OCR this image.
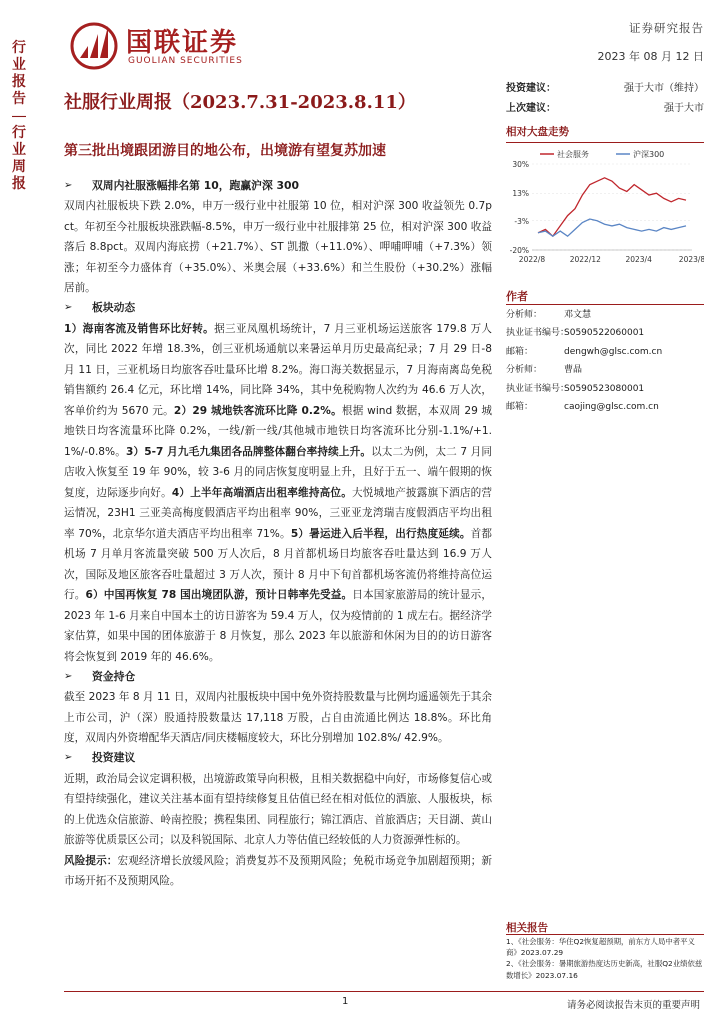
行
业
报
告
|
行
业
周
报
国联证券
GUOLIAN SECURITIES
证券研究报告
2023 年 08 月 12 日
社服行业周报（2023.7.31-2023.8.11）
第三批出境跟团游目的地公布，出境游有望复苏加速
投资建议：	强于大市（维持）
上次建议：	强于大市
相对大盘走势
社会服务	沪深300
2022/8	2022/12	2023/4	2023/8
30%
13%
-3%
-20%
作者
分析师：	邓文慧
执业证书编号：
S0590522060001
邮箱：	dengwh@glsc.com.cn
分析师：	曹晶
执业证书编号：
S0590523080001
邮箱：	caojing@glsc.com.cn
➢	双周内社服涨幅排名第 10，跑赢沪深 300
双周内社服板块下跌 2.0%，申万一级行业中社服第 10 位，相对沪深 300 收益领先 0.7pct。年初至今社服板块涨跌幅-8.5%，申万一级行业中社服排第 25 位，相对沪深 300 收益落后 8.8pct。双周内海底捞（+21.7%）、ST 凯撒（+11.0%）、呷哺呷哺（+7.3%）领涨；年初至今力盛体育（+35.0%）、米奥会展（+33.6%）和兰生股份（+30.2%）涨幅居前。
➢	板块动态
1）海南客流及销售环比好转。据三亚凤凰机场统计，7 月三亚机场运送旅客 179.8 万人次，同比 2022 年增 18.3%，创三亚机场通航以来暑运单月历史最高纪录；7 月 29 日-8 月 11 日，三亚机场日均旅客吞吐量环比增 8.2%。海口海关数据显示，7 月海南离岛免税销售额约 26.4 亿元，环比增 14%，同比降 34%，其中免税购物人次约为 46.6 万人次，客单价约为 5670 元。2）29 城地铁客流环比降 0.2%。根据 wind 数据，本双周 29 城地铁日均客流量环比降 0.2%，一线/新一线/其他城市地铁日均客流环比分别-1.1%/+1.1%/-0.8%。3）5-7 月九毛九集团各品牌整体翻台率持续上升。以太二为例，太二 7 月同店收入恢复至 19 年 90%，较 3-6 月的同店恢复度明显上升，且好于五一、端午假期的恢复度，边际逐步向好。4）上半年高端酒店出租率维持高位。大悦城地产披露旗下酒店的营运情况，23H1 三亚美高梅度假酒店平均出租率 90%，三亚亚龙湾瑞吉度假酒店平均出租率 70%，北京华尔道夫酒店平均出租率 71%。5）暑运进入后半程，出行热度延续。首都机场 7 月单月客流量突破 500 万人次后，8 月首都机场日均旅客吞吐量达到 16.9 万人次，国际及地区旅客吞吐量超过 3 万人次，预计 8 月中下旬首都机场客流仍将维持高位运行。6）中国再恢复 78 国出境团队游，预计日韩率先受益。日本国家旅游局的统计显示，2023 年 1-6 月来自中国本土的访日游客为 59.4 万人，仅为疫情前的 1 成左右。据经济学家估算，如果中国的团体旅游于 8 月恢复，那么 2023 年以旅游和休闲为目的的访日游客将会恢复到 2019 年的 46.6%。
➢	资金持仓
截至 2023 年 8 月 11 日，双周内社服板块中国中免外资持股数量与比例均遥遥领先于其余上市公司，沪（深）股通持股数量达 17,118 万股，占自由流通比例达 18.8%。环比角度，双周内外资增配华天酒店/同庆楼幅度较大，环比分别增加 102.8%/ 42.9%。
➢	投资建议
近期，政治局会议定调积极，出境游政策导向积极，且相关数据稳中向好，市场修复信心或有望持续强化，建议关注基本面有望持续修复且估值已经在相对低位的酒旅、人服板块，标的上优选众信旅游、岭南控股；携程集团、同程旅行；锦江酒店、首旅酒店；天目湖、黄山旅游等优质景区公司；以及科锐国际、北京人力等估值已经较低的人力资源弹性标的。
风险提示：宏观经济增长放缓风险；消费复苏不及预期风险；免税市场竞争加剧超预期；新市场开拓不及预期风险。
相关报告
1、《社会服务：华住Q2恢复超预期，前东方人局中者平义商》2023.07.29
2、《社会服务：暑期旅游热度达历史新高，社服Q2业绩依兹数增长》2023.07.16
1	请务必阅读报告末页的重要声明
